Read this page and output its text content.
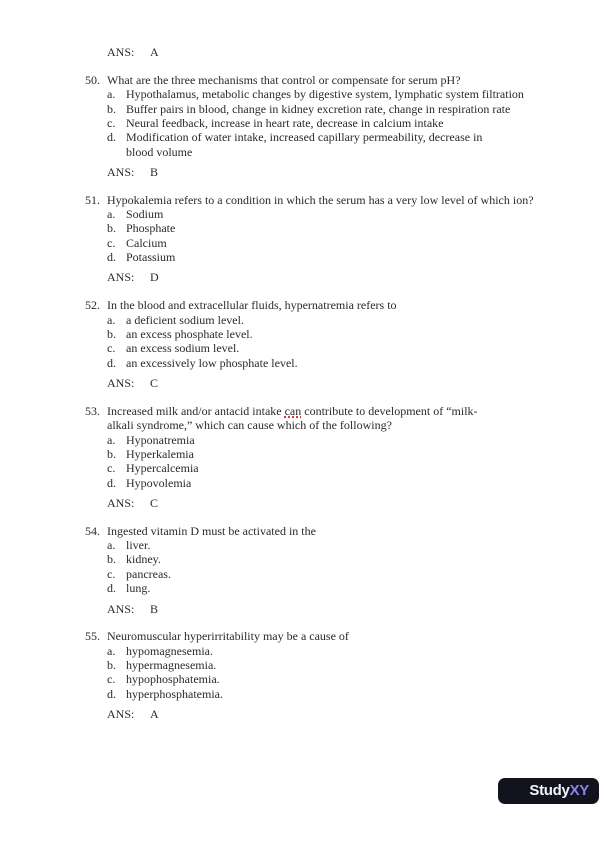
ANS: A
50. What are the three mechanisms that control or compensate for serum pH?
a. Hypothalamus, metabolic changes by digestive system, lymphatic system filtration
b. Buffer pairs in blood, change in kidney excretion rate, change in respiration rate
c. Neural feedback, increase in heart rate, decrease in calcium intake
d. Modification of water intake, increased capillary permeability, decrease in
blood volume
ANS: B
51. Hypokalemia refers to a condition in which the serum has a very low level of which ion?
a. Sodium
b. Phosphate
c. Calcium
d. Potassium
ANS: D
52. In the blood and extracellular fluids, hypernatremia refers to
a. a deficient sodium level.
b. an excess phosphate level.
c. an excess sodium level.
d. an excessively low phosphate level.
ANS: C
53. Increased milk and/or antacid intake can contribute to development of “milk-
alkali syndrome,” which can cause which of the following?
a. Hyponatremia
b. Hyperkalemia
c. Hypercalcemia
d. Hypovolemia
ANS: C
54. Ingested vitamin D must be activated in the
a. liver.
b. kidney.
c. pancreas.
d. lung.
ANS: B
55. Neuromuscular hyperirritability may be a cause of
a. hypomagnesemia.
b. hypermagnesemia.
c. hypophosphatemia.
d. hyperphosphatemia.
ANS: A
StudyXY
